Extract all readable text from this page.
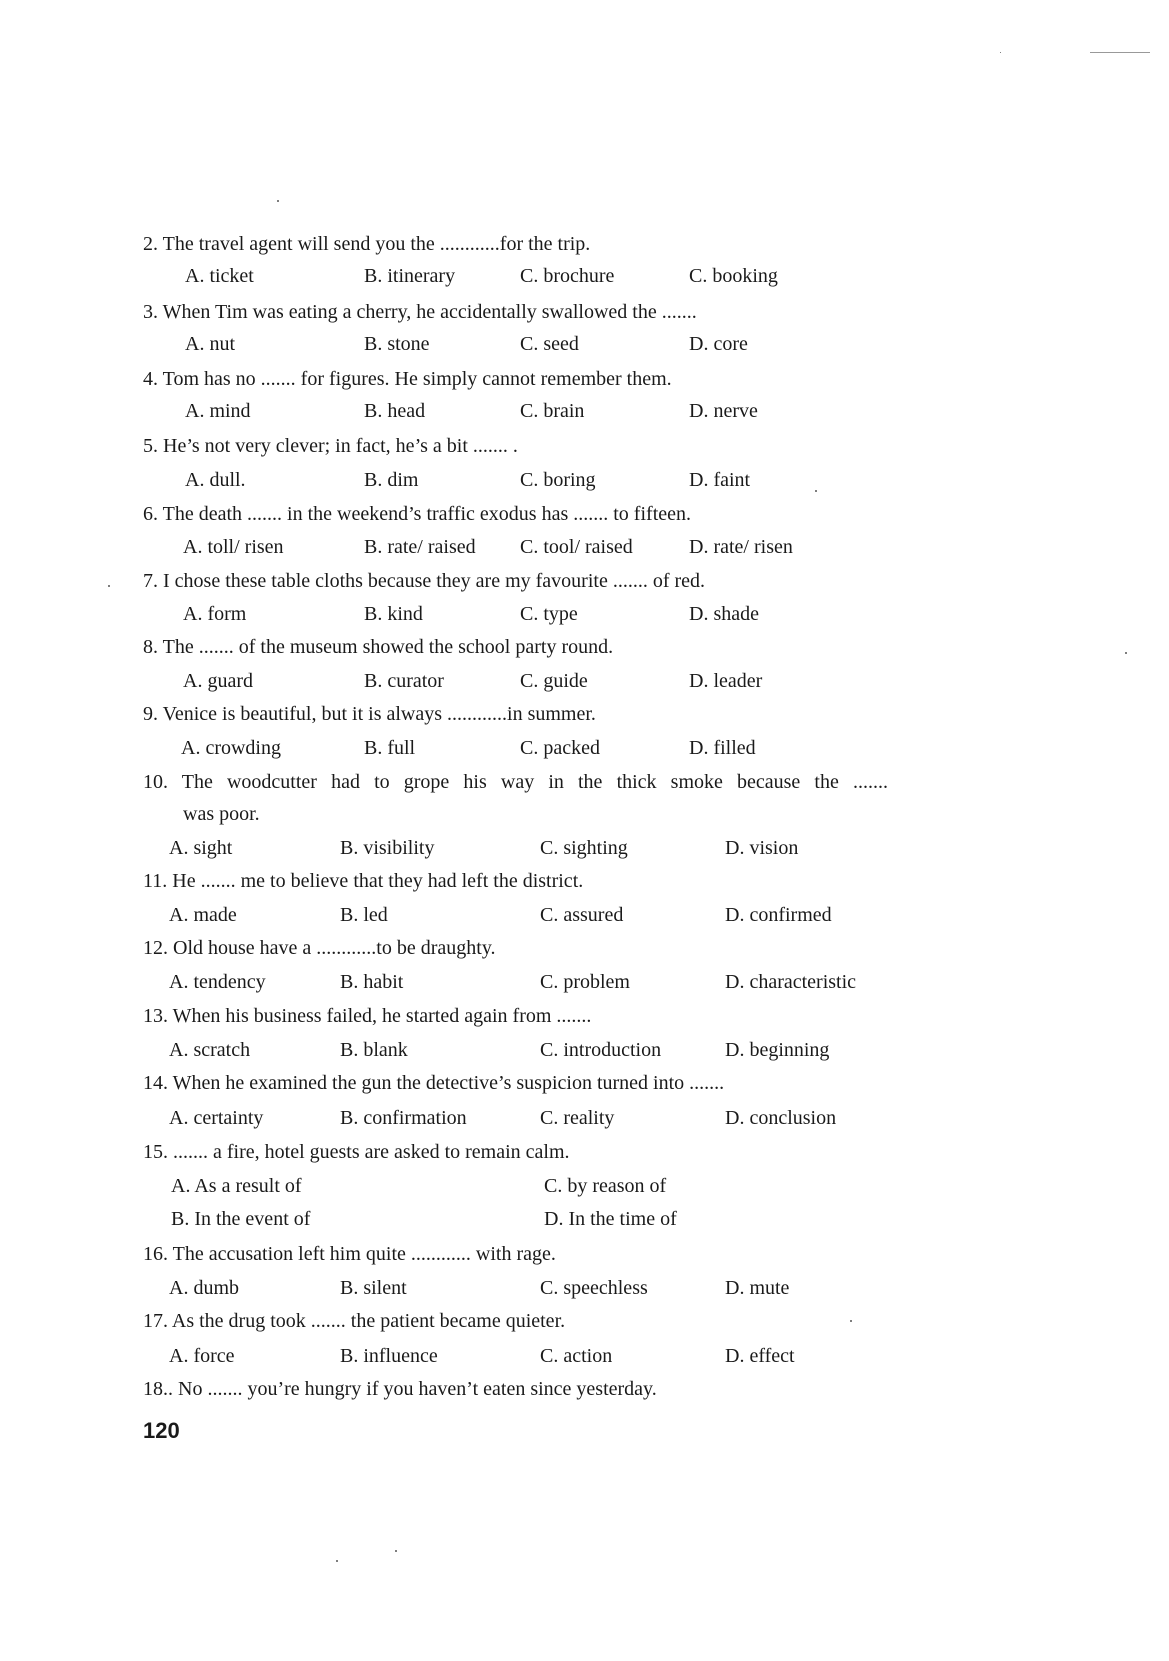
2. The travel agent will send you the ............for the trip.
A. ticket	B. itinerary	C. brochure	C. booking
3. When Tim was eating a cherry, he accidentally swallowed the .......
A. nut	B. stone	C. seed	D. core
4. Tom has no ....... for figures. He simply cannot remember them.
A. mind	B. head	C. brain	D. nerve
5. He’s not very clever; in fact, he’s a bit ....... .
A. dull.	B. dim	C. boring	D. faint
6. The death ....... in the weekend’s traffic exodus has ....... to fifteen.
A. toll/ risen	B. rate/ raised C. tool/ raised	D. rate/ risen
7. I chose these table cloths because they are my favourite ....... of red.
A. form	B. kind	C. type	D. shade
8. The ....... of the museum showed the school party round.
A. guard	B. curator	C. guide	D. leader
9. Venice is beautiful, but it is always ............in summer.
A. crowding	B. full	C. packed	D. filled
10. The woodcutter had to grope his way in the thick smoke because the .......
was poor.
A. sight	B. visibility	C. sighting	D. vision
11. He ....... me to believe that they had left the district.
A. made	B. led	C. assured	D. confirmed
12. Old house have a ............to be draughty.
A. tendency	B. habit	C. problem	D. characteristic
13. When his business failed, he started again from .......
A. scratch	B. blank	C. introduction	D. beginning
14. When he examined the gun the detective’s suspicion turned into .......
A. certainty	B. confirmation	C. reality	D. conclusion
15. ....... a fire, hotel guests are asked to remain calm.
A. As a result of	C. by reason of
B. In the event of	D. In the time of
16. The accusation left him quite ............ with rage.
A. dumb	B. silent	C. speechless	D. mute
17. As the drug took ....... the patient became quieter.
A. force	B. influence	C. action	D. effect
18.. No ....... you’re hungry if you haven’t eaten since yesterday.
120
